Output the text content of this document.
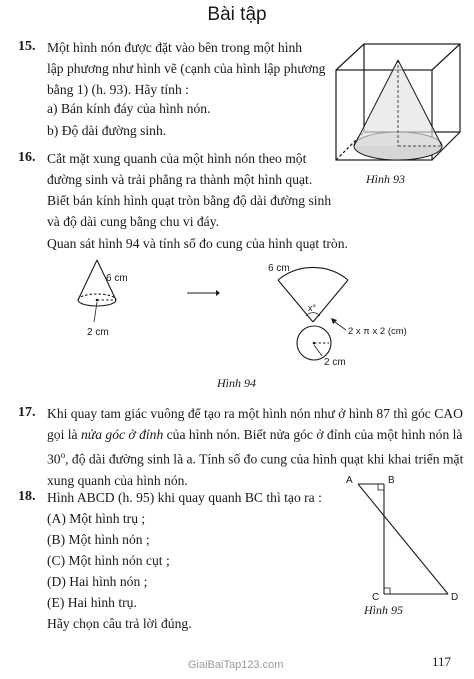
Bài tập
15. Một hình nón được đặt vào bên trong một hình
lập phương như hình vẽ (cạnh của hình lập phương
bằng 1) (h. 93). Hãy tính :
a) Bán kính đáy của hình nón.
b) Độ dài đường sinh.
Hình 93
16. Cắt mặt xung quanh của một hình nón theo một
đường sinh và trải phẳng ra thành một hình quạt.
Biết bán kính hình quạt tròn bằng độ dài đường sinh
và độ dài cung bằng chu vi đáy.
Quan sát hình 94 và tính số đo cung của hình quạt tròn.
6 cm
2 cm
6 cm
x°
2 x π x 2 (cm)
2 cm
Hình 94
17. Khi quay tam giác vuông để tạo ra một hình nón như ở hình 87 thì góc CAO
gọi là nửa góc ở đỉnh của hình nón. Biết nửa góc ở đỉnh của một hình nón là
30$^o$, độ dài đường sinh là a. Tính số đo cung của hình quạt khi khai triển mặt
xung quanh của hình nón.
18. Hình ABCD (h. 95) khi quay quanh BC thì tạo ra :
(A) Một hình trụ ;
(B) Một hình nón ;
(C) Một hình nón cụt ;
(D) Hai hình nón ;
(E) Hai hình trụ.
Hãy chọn câu trả lời đúng.
A	B
C	D
Hình 95
GiaiBaiTap123.com	117
